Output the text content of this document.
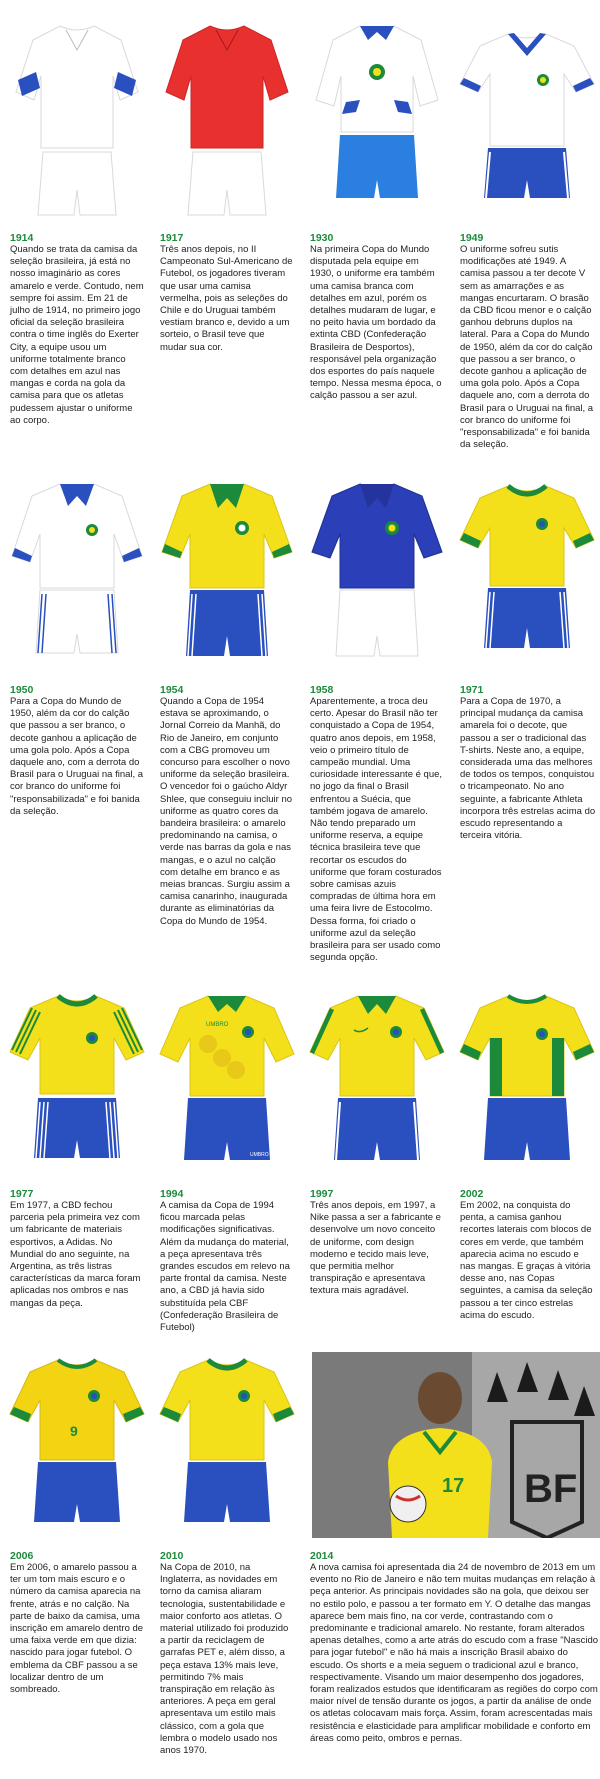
1914
Quando se trata da camisa da seleção brasileira, já está no nosso imaginário as cores amarelo e verde. Contudo, nem sempre foi assim. Em 21 de julho de 1914, no primeiro jogo oficial da seleção brasileira contra o time inglês do Exerter City, a equipe usou um uniforme totalmente branco com detalhes em azul nas mangas e corda na gola da camisa para que os atletas pudessem ajustar o uniforme ao corpo.
1917
Três anos depois, no II Campeonato Sul-Americano de Futebol, os jogadores tiveram que usar uma camisa vermelha, pois as seleções do Chile e do Uruguai também vestiam branco e, devido a um sorteio, o Brasil teve que mudar sua cor.
1930
Na primeira Copa do Mundo disputada pela equipe em 1930, o uniforme era também uma camisa branca com detalhes em azul, porém os detalhes mudaram de lugar, e no peito havia um bordado da extinta CBD (Confederação Brasileira de Desportos), responsável pela organização dos esportes do país naquele tempo. Nessa mesma época, o calção passou a ser azul.
1949
O uniforme sofreu sutis modificações até 1949. A camisa passou a ter decote V sem as amarrações e as mangas encurtaram. O brasão da CBD ficou menor e o calção ganhou debruns duplos na lateral. Para a Copa do Mundo de 1950, além da cor do calção que passou a ser branco, o decote ganhou a aplicação de uma gola polo. Após a Copa daquele ano, com a derrota do Brasil para o Uruguai na final, a cor branco do uniforme foi "responsabilizada" e foi banida da seleção.
1950
Para a Copa do Mundo de 1950, além da cor do calção que passou a ser branco, o decote ganhou a aplicação de uma gola polo. Após a Copa daquele ano, com a derrota do Brasil para o Uruguai na final, a cor branco do uniforme foi "responsabilizada" e foi banida da seleção.
1954
Quando a Copa de 1954 estava se aproximando, o Jornal Correio da Manhã, do Rio de Janeiro, em conjunto com a CBG promoveu um concurso para escolher o novo uniforme da seleção brasileira. O vencedor foi o gaúcho Aldyr Shlee, que conseguiu incluir no uniforme as quatro cores da bandeira brasileira: o amarelo predominando na camisa, o verde nas barras da gola e nas mangas, e o azul no calção com detalhe em branco e as meias brancas. Surgiu assim a camisa canarinho, inaugurada durante as eliminatórias da Copa do Mundo de 1954.
1958
Aparentemente, a troca deu certo. Apesar do Brasil não ter conquistado a Copa de 1954, quatro anos depois, em 1958, veio o primeiro título de campeão mundial. Uma curiosidade interessante é que, no jogo da final o Brasil enfrentou a Suécia, que também jogava de amarelo. Não tendo preparado um uniforme reserva, a equipe técnica brasileira teve que recortar os escudos do uniforme que foram costurados sobre camisas azuis compradas de última hora em uma feira livre de Estocolmo. Dessa forma, foi criado o uniforme azul da seleção brasileira para ser usado como segunda opção.
1971
Para a Copa de 1970, a principal mudança da camisa amarela foi o decote, que passou a ser o tradicional das T-shirts. Neste ano, a equipe, considerada uma das melhores de todos os tempos, conquistou o tricampeonato. No ano seguinte, a fabricante Athleta incorpora três estrelas acima do escudo representando a terceira vitória.
1977
Em 1977, a CBD fechou parceria pela primeira vez com um fabricante de materiais esportivos, a Adidas. No Mundial do ano seguinte, na Argentina, as três listras características da marca foram aplicadas nos ombros e nas mangas da peça.
UMBRO
UMBRO
1994
A camisa da Copa de 1994 ficou marcada pelas modificações significativas. Além da mudança do material, a peça apresentava três grandes escudos em relevo na parte frontal da camisa. Neste ano, a CBD já havia sido substituída pela CBF (Confederação Brasileira de Futebol)
1997
Três anos depois, em 1997, a Nike passa a ser a fabricante e desenvolve um novo conceito de uniforme, com design moderno e tecido mais leve, que permitia melhor transpiração e apresentava textura mais agradável.
2002
Em 2002, na conquista do penta, a camisa ganhou recortes laterais com blocos de cores em verde, que também aparecia acima no escudo e nas mangas. E graças à vitória desse ano, nas Copas seguintes, a camisa da seleção passou a ter cinco estrelas acima do escudo.
9
2006
Em 2006, o amarelo passou a ter um tom mais escuro e o número da camisa aparecia na frente, atrás e no calção. Na parte de baixo da camisa, uma inscrição em amarelo dentro de uma faixa verde em que dizia: nascido para jogar futebol. O emblema da CBF passou a se localizar dentro de um sombreado.
2010
Na Copa de 2010, na Inglaterra, as novidades em torno da camisa aliaram tecnologia, sustentabilidade e maior conforto aos atletas. O material utilizado foi produzido a partir da reciclagem de garrafas PET e, além disso, a peça estava 13% mais leve, permitindo 7% mais transpiração em relação às anteriores. A peça em geral apresentava um estilo mais clássico, com a gola que lembra o modelo usado nos anos 1970.
BF
17
2014
A nova camisa foi apresentada dia 24 de novembro de 2013 em um evento no Rio de Janeiro e não tem muitas mudanças em relação à peça anterior. As principais novidades são na gola, que deixou ser no estilo polo, e passou a ter formato em Y. O detalhe das mangas aparece bem mais fino, na cor verde, contrastando com o predominante e tradicional amarelo. No restante, foram alterados apenas detalhes, como a arte atrás do escudo com a frase "Nascido para jogar futebol" e não há mais a inscrição Brasil abaixo do escudo. Os shorts e a meia seguem o tradicional azul e branco, respectivamente. Visando um maior desempenho dos jogadores, foram realizados estudos que identificaram as regiões do corpo com maior nível de tensão durante os jogos, a partir da análise de onde os atletas colocavam mais força. Assim, foram acrescentadas mais resistência e elasticidade para amplificar mobilidade e conforto em áreas como peito, ombros e pernas.
